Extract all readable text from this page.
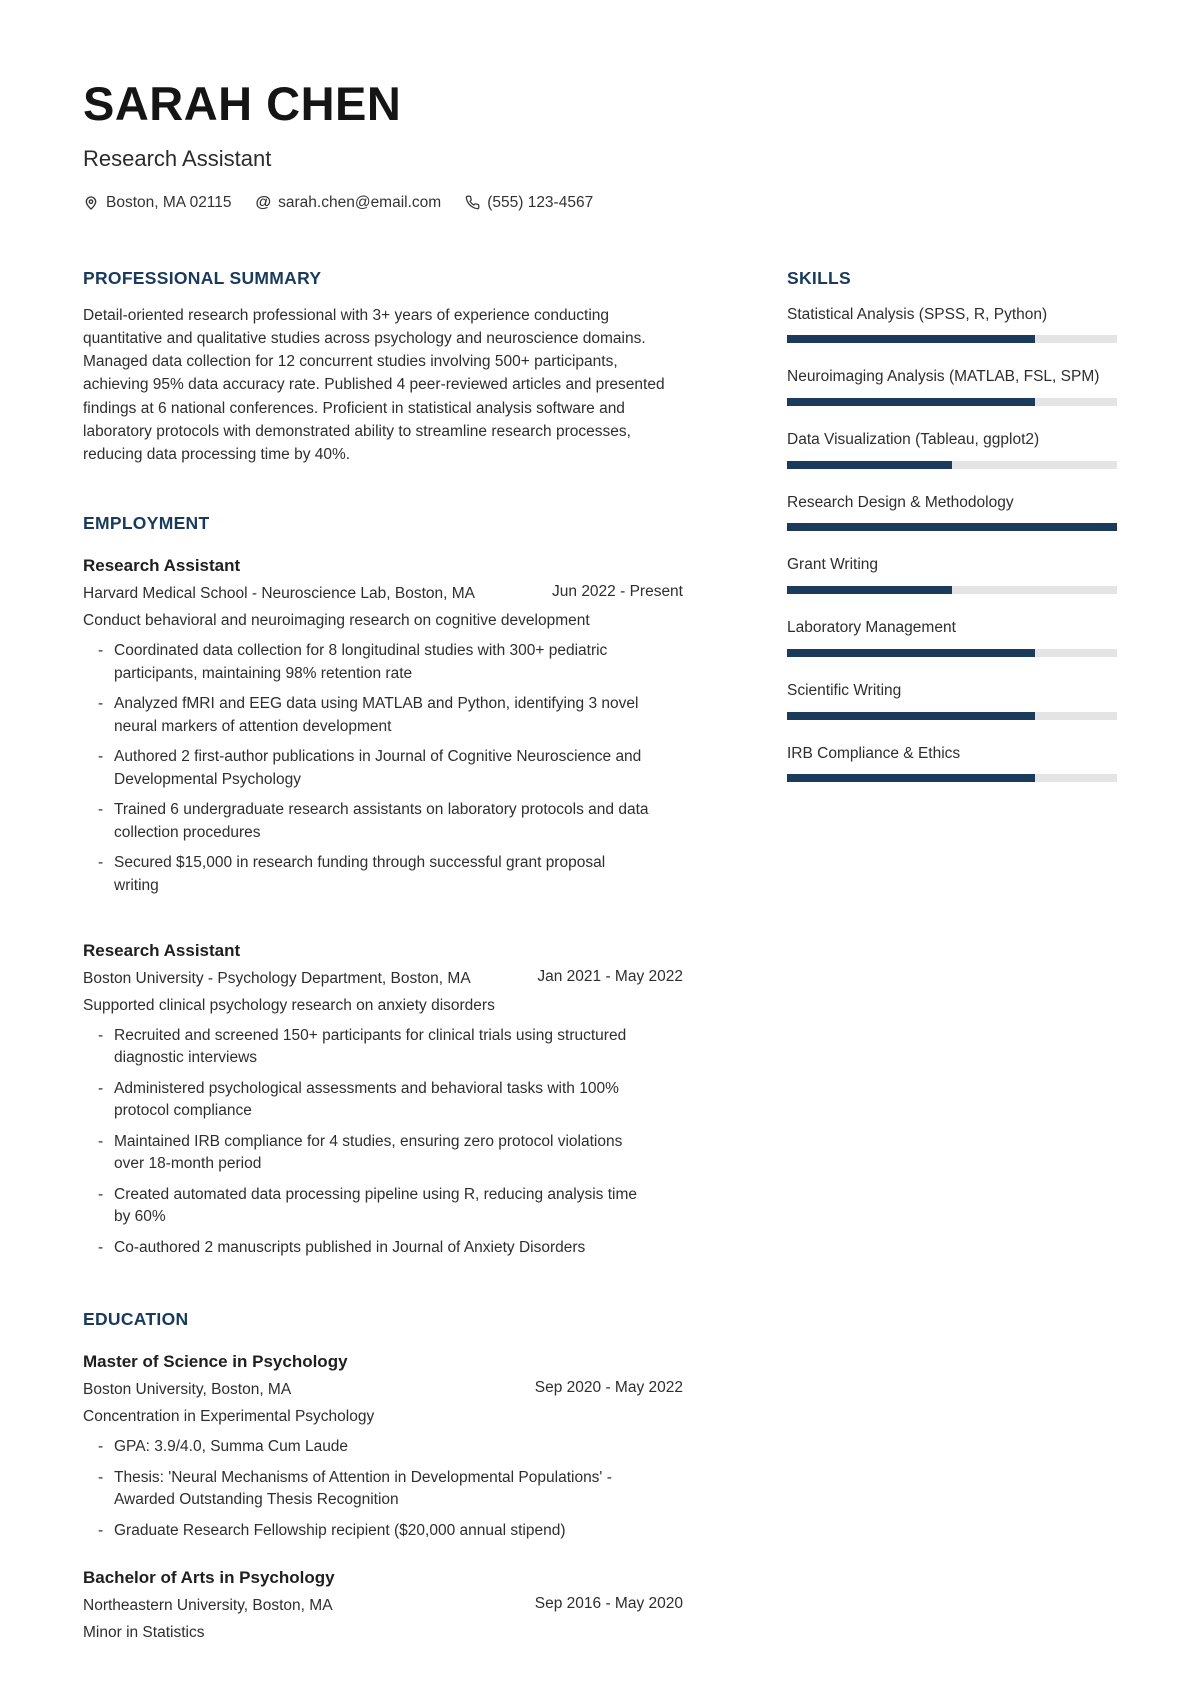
SARAH CHEN
Research Assistant
Boston, MA 02115 @ sarah.chen@email.com	(555) 123-4567
PROFESSIONAL SUMMARY
Detail-oriented research professional with 3+ years of experience conducting quantitative and qualitative studies across psychology and neuroscience domains. Managed data collection for 12 concurrent studies involving 500+ participants, achieving 95% data accuracy rate. Published 4 peer-reviewed articles and presented findings at 6 national conferences. Proficient in statistical analysis software and laboratory protocols with demonstrated ability to streamline research processes, reducing data processing time by 40%.
EMPLOYMENT
Research Assistant
Harvard Medical School - Neuroscience Lab, Boston, MA	Jun 2022 - Present
Conduct behavioral and neuroimaging research on cognitive development
- Coordinated data collection for 8 longitudinal studies with 300+ pediatric participants, maintaining 98% retention rate
- Analyzed fMRI and EEG data using MATLAB and Python, identifying 3 novel neural markers of attention development
- Authored 2 first-author publications in Journal of Cognitive Neuroscience and Developmental Psychology
- Trained 6 undergraduate research assistants on laboratory protocols and data collection procedures
- Secured $15,000 in research funding through successful grant proposal writing
Research Assistant
Boston University - Psychology Department, Boston, MA	Jan 2021 - May 2022
Supported clinical psychology research on anxiety disorders
- Recruited and screened 150+ participants for clinical trials using structured diagnostic interviews
- Administered psychological assessments and behavioral tasks with 100% protocol compliance
- Maintained IRB compliance for 4 studies, ensuring zero protocol violations over 18-month period
- Created automated data processing pipeline using R, reducing analysis time by 60%
- Co-authored 2 manuscripts published in Journal of Anxiety Disorders
EDUCATION
Master of Science in Psychology
Boston University, Boston, MA	Sep 2020 - May 2022
Concentration in Experimental Psychology
- GPA: 3.9/4.0, Summa Cum Laude
- Thesis: 'Neural Mechanisms of Attention in Developmental Populations' - Awarded Outstanding Thesis Recognition
- Graduate Research Fellowship recipient ($20,000 annual stipend)
Bachelor of Arts in Psychology
Northeastern University, Boston, MA	Sep 2016 - May 2020
Minor in Statistics
SKILLS
Statistical Analysis (SPSS, R, Python)
Neuroimaging Analysis (MATLAB, FSL, SPM)
Data Visualization (Tableau, ggplot2)
Research Design & Methodology
Grant Writing
Laboratory Management
Scientific Writing
IRB Compliance & Ethics
